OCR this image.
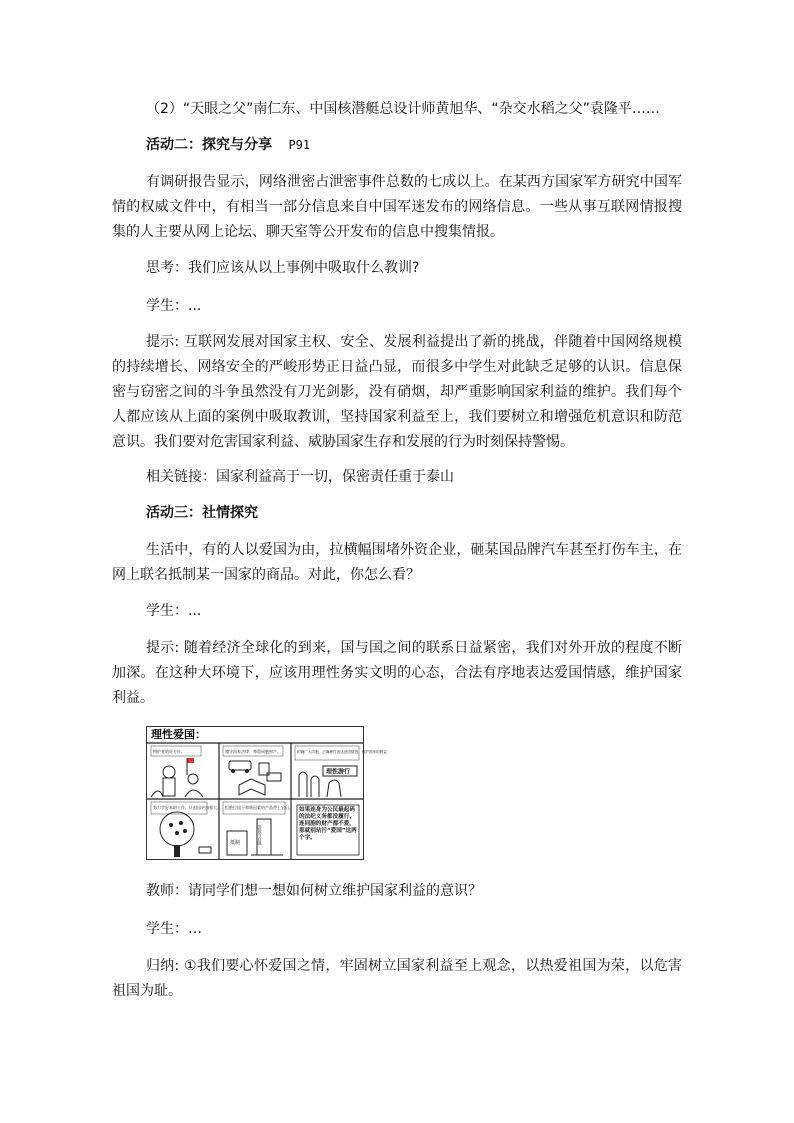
（2）“天眼之父”南仁东、中国核潜艇总设计师黄旭华、“杂交水稻之父”袁隆平……

活动二：探究与分享 P91

有调研报告显示，网络泄密占泄密事件总数的七成以上。在某西方国家军方研究中国军情的权威文件中，有相当一部分信息来自中国军迷发布的网络信息。一些从事互联网情报搜集的人主要从网上论坛、聊天室等公开发布的信息中搜集情报。

思考：我们应该从以上事例中吸取什么教训?

学生：...

提示: 互联网发展对国家主权、安全、发展利益提出了新的挑战，伴随着中国网络规模的持续增长、网络安全的严峻形势正日益凸显，而很多中学生对此缺乏足够的认识。信息保密与窃密之间的斗争虽然没有刀光剑影，没有硝烟，却严重影响国家利益的维护。我们每个人都应该从上面的案例中吸取教训，坚持国家利益至上，我们要树立和增强危机意识和防范意识。我们要对危害国家利益、威胁国家生存和发展的行为时刻保持警惕。

相关链接：国家利益高于一切，保密责任重于泰山

活动三：社情探究

生活中，有的人以爱国为由，拉横幅围堵外资企业，砸某国品牌汽车甚至打伤车主，在网上联名抵制某一国家的商品。对此，你怎么看？

学生：...

提示: 随着经济全球化的到来，国与国之间的联系日益紧密，我们对外开放的程度不断加深。在这种大环境下，应该用理性务实文明的心态，合法有序地表达爱国情感，维护国家利益。

理性爱国：
拥护党的好方针。	遵守国家法律，尊重同胞财产。	的确广大同胞，正确理性表达爱国情感，维护国家的利益
理性游行
努力学好本职工作，让祖国更加强大。 拒绝拉国不和谐因素的产品带上它们。
抵制	国货当自强
如果连身为公民最起码的法纪义务都没履行，连同胞的财产都不爱，那就别玷污“爱国”这两个字。

教师：请同学们想一想如何树立维护国家利益的意识？

学生：…

归纳: ①我们要心怀爱国之情，牢固树立国家利益至上观念，以热爱祖国为荣，以危害祖国为耻。
